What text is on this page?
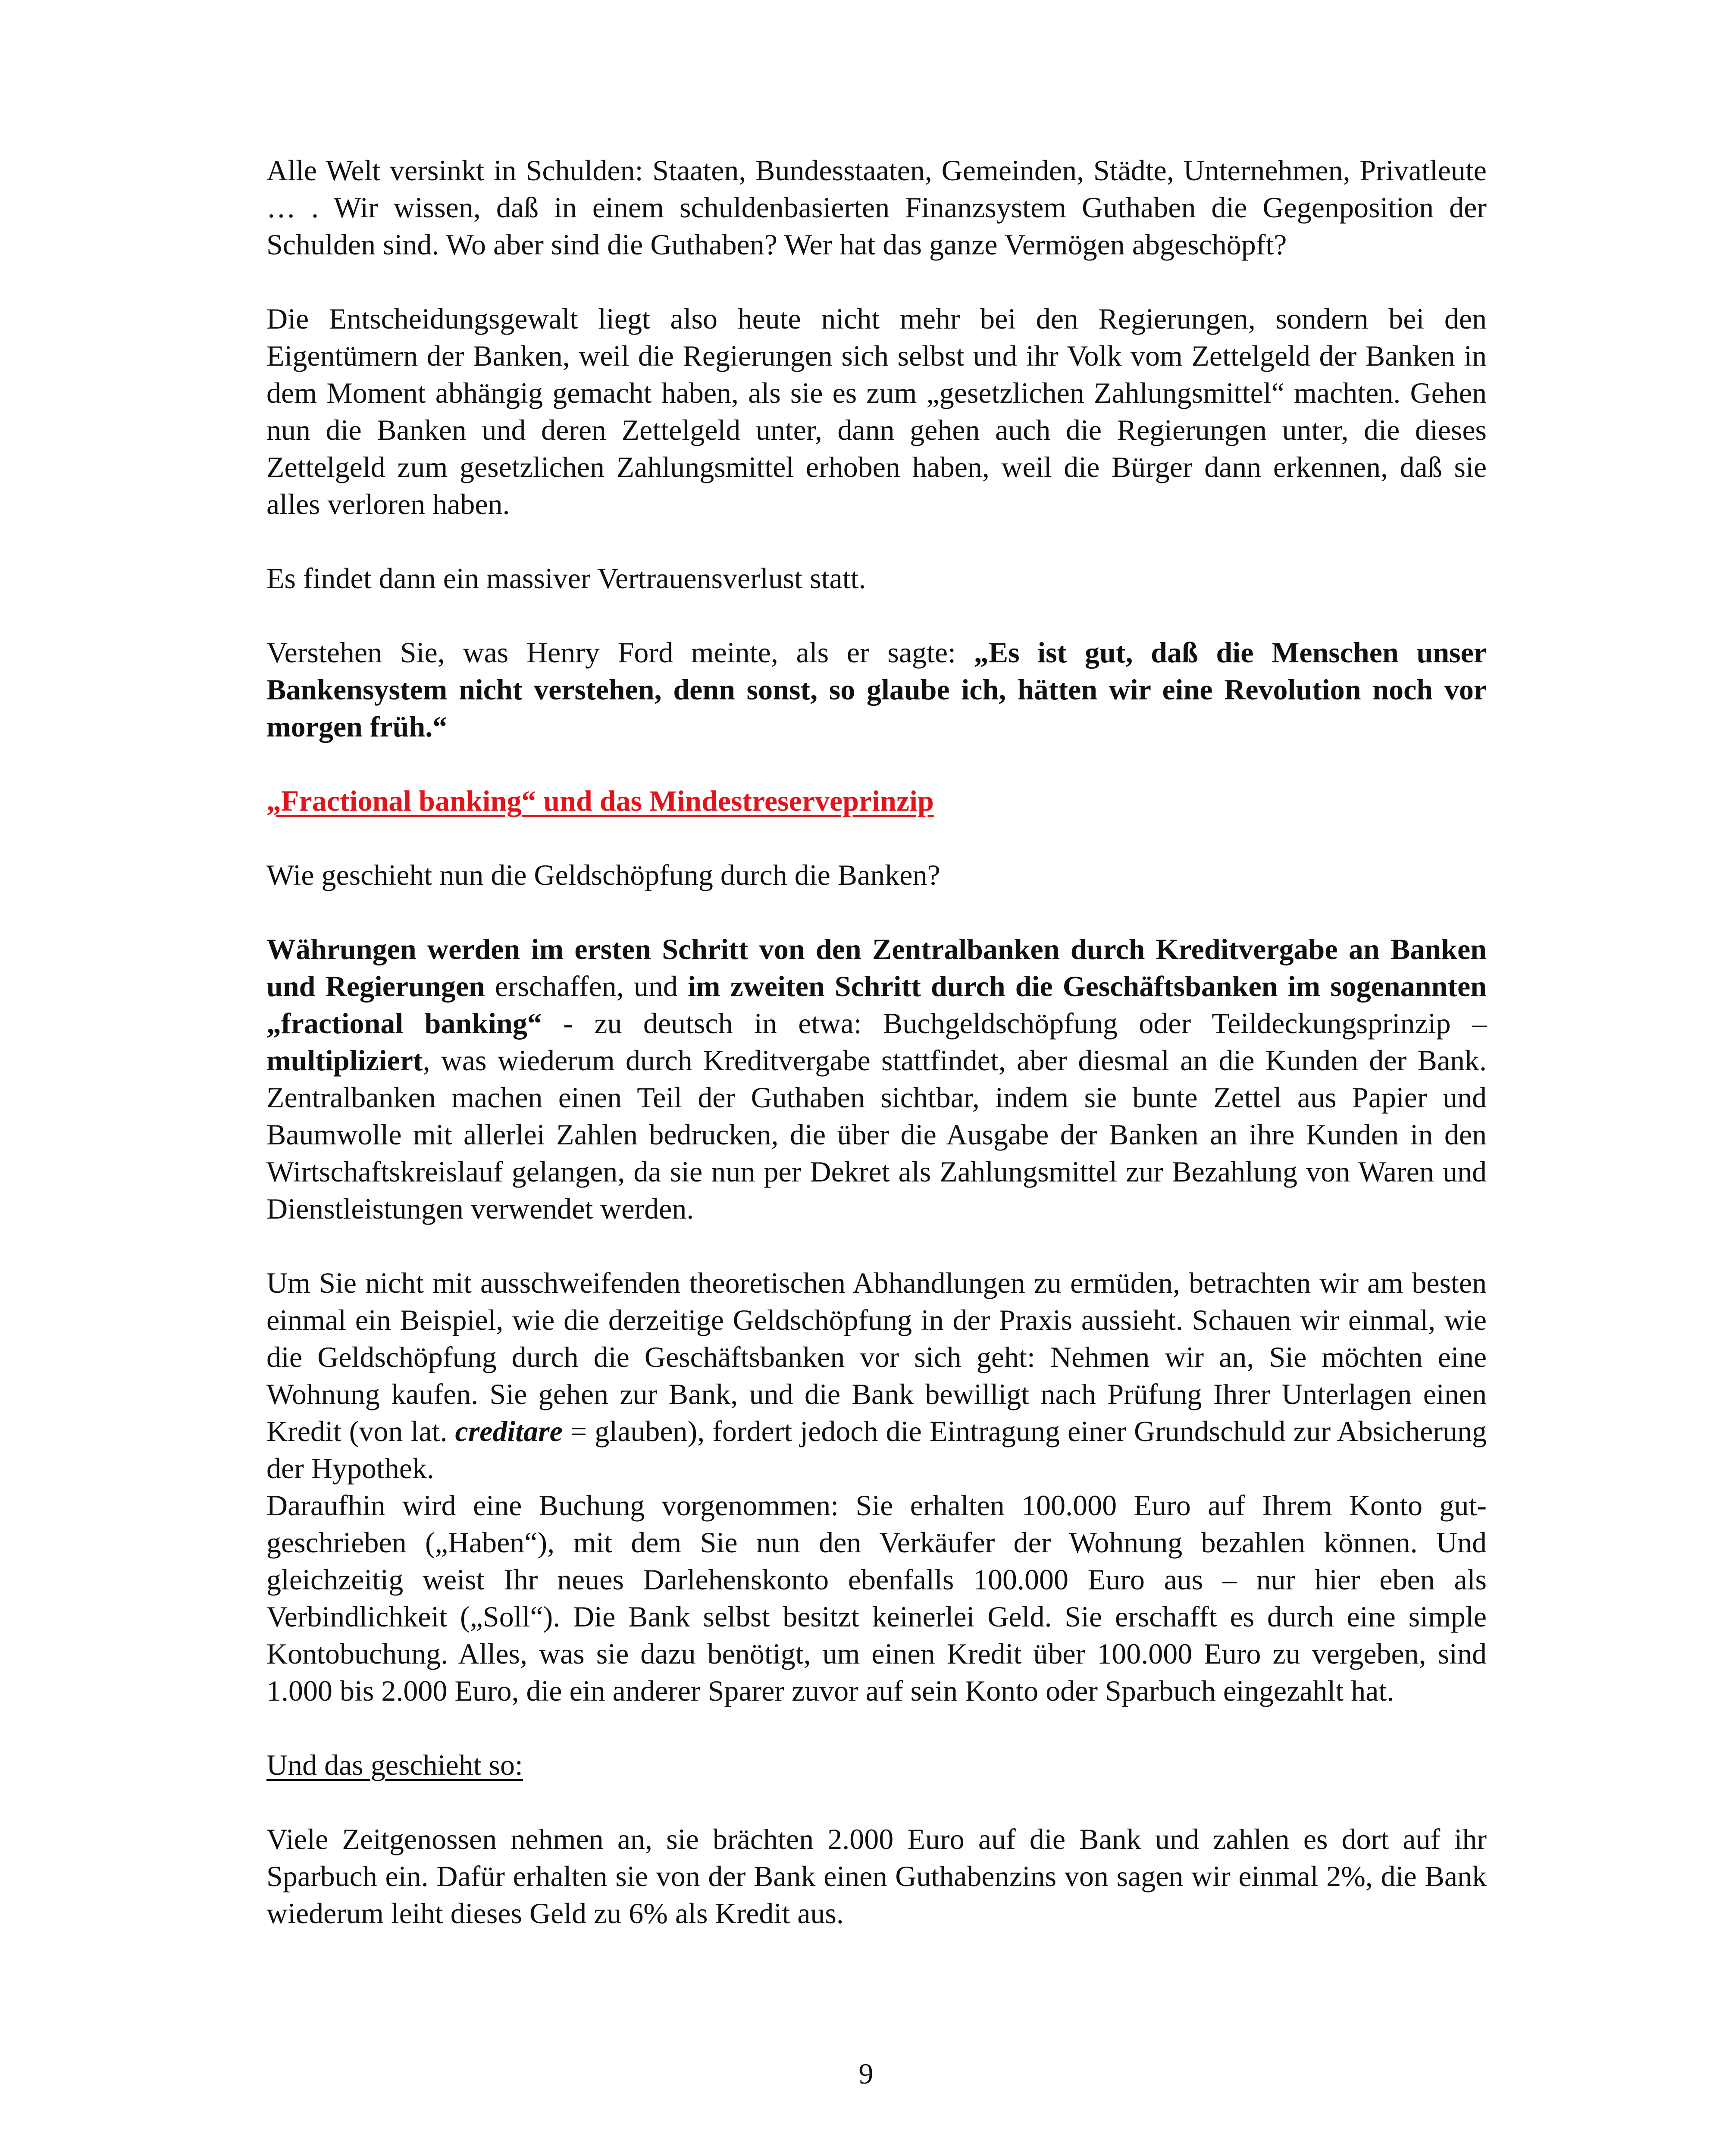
Alle Welt versinkt in Schulden: Staaten, Bundesstaaten, Gemeinden, Städte, Unternehmen, Privatleute … . Wir wissen, daß in einem schuldenbasierten Finanzsystem Guthaben die Gegenposition der Schulden sind. Wo aber sind die Guthaben? Wer hat das ganze Vermögen abgeschöpft?

Die Entscheidungsgewalt liegt also heute nicht mehr bei den Regierungen, sondern bei den Eigentümern der Banken, weil die Regierungen sich selbst und ihr Volk vom Zettelgeld der Banken in dem Moment abhängig gemacht haben, als sie es zum „gesetzlichen Zahlungsmittel“ machten. Gehen nun die Banken und deren Zettelgeld unter, dann gehen auch die Regierungen unter, die dieses Zettelgeld zum gesetzlichen Zahlungsmittel erhoben haben, weil die Bürger dann erkennen, daß sie alles verloren haben.

Es findet dann ein massiver Vertrauensverlust statt.

Verstehen Sie, was Henry Ford meinte, als er sagte: „Es ist gut, daß die Menschen unser Bankensystem nicht verstehen, denn sonst, so glaube ich, hätten wir eine Revolution noch vor morgen früh.“

„Fractional banking“ und das Mindestreserveprinzip

Wie geschieht nun die Geldschöpfung durch die Banken?

Währungen werden im ersten Schritt von den Zentralbanken durch Kreditvergabe an Banken und Regierungen erschaffen, und im zweiten Schritt durch die Geschäftsbanken im sogenannten „fractional banking“ - zu deutsch in etwa: Buchgeldschöpfung oder Teildeckungsprinzip – multipliziert, was wiederum durch Kreditvergabe stattfindet, aber diesmal an die Kunden der Bank. Zentralbanken machen einen Teil der Guthaben sichtbar, indem sie bunte Zettel aus Papier und Baumwolle mit allerlei Zahlen bedrucken, die über die Ausgabe der Banken an ihre Kunden in den Wirtschaftskreislauf gelangen, da sie nun per Dekret als Zahlungsmittel zur Bezahlung von Waren und Dienstleistungen verwendet werden.

Um Sie nicht mit ausschweifenden theoretischen Abhandlungen zu ermüden, betrachten wir am besten einmal ein Beispiel, wie die derzeitige Geldschöpfung in der Praxis aussieht. Schauen wir einmal, wie die Geldschöpfung durch die Geschäftsbanken vor sich geht: Nehmen wir an, Sie möchten eine Wohnung kaufen. Sie gehen zur Bank, und die Bank bewilligt nach Prüfung Ihrer Unterlagen einen Kredit (von lat. creditare = glauben), fordert jedoch die Eintragung einer Grundschuld zur Absicherung der Hypothek.

Daraufhin wird eine Buchung vorgenommen: Sie erhalten 100.000 Euro auf Ihrem Konto gut-geschrieben („Haben“), mit dem Sie nun den Verkäufer der Wohnung bezahlen können. Und gleichzeitig weist Ihr neues Darlehenskonto ebenfalls 100.000 Euro aus – nur hier eben als Verbindlichkeit („Soll“). Die Bank selbst besitzt keinerlei Geld. Sie erschafft es durch eine simple Kontobuchung. Alles, was sie dazu benötigt, um einen Kredit über 100.000 Euro zu vergeben, sind 1.000 bis 2.000 Euro, die ein anderer Sparer zuvor auf sein Konto oder Sparbuch eingezahlt hat.

Und das geschieht so:

Viele Zeitgenossen nehmen an, sie brächten 2.000 Euro auf die Bank und zahlen es dort auf ihr Sparbuch ein. Dafür erhalten sie von der Bank einen Guthabenzins von sagen wir einmal 2%, die Bank wiederum leiht dieses Geld zu 6% als Kredit aus.

9
